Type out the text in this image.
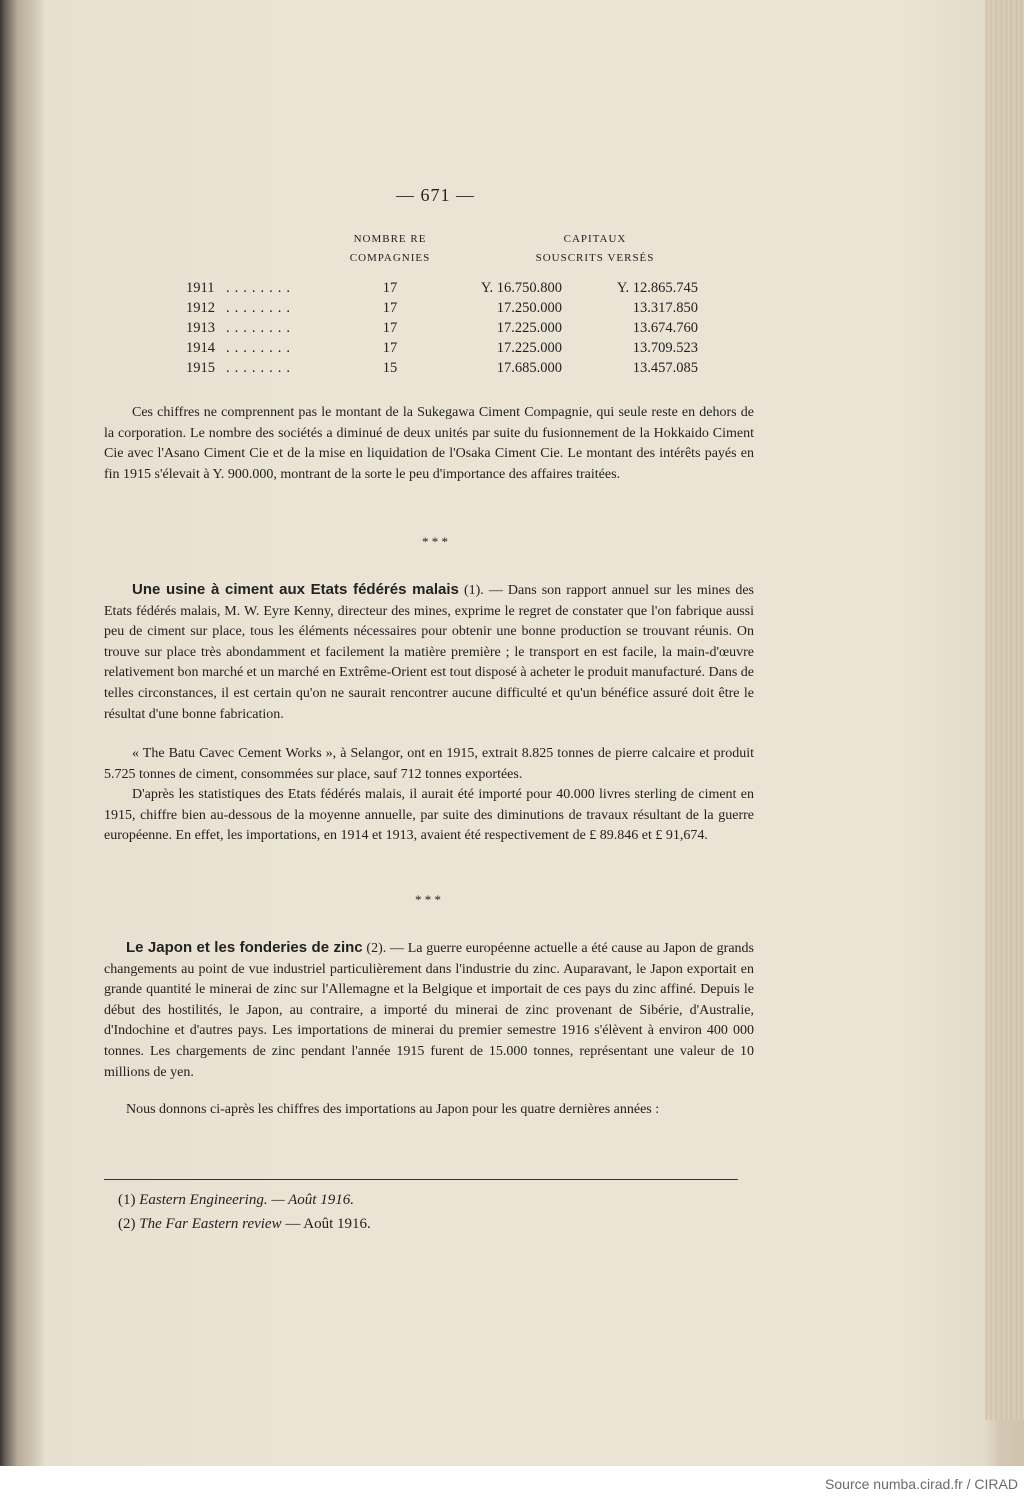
— 671 —
NOMBRE RE
COMPAGNIES
CAPITAUX
SOUSCRITS VERSÉS
1911 ........	17	Y. 16.750.800	Y. 12.865.745
1912 ........	17	17.250.000	13.317.850
1913 ........	17	17.225.000	13.674.760
1914 ........	17	17.225.000	13.709.523
1915 ........	15	17.685.000	13.457.085

Ces chiffres ne comprennent pas le montant de la Sukegawa Ciment Compagnie, qui seule reste en dehors de la corporation. Le nombre des sociétés a diminué de deux unités par suite du fusionnement de la Hokkaido Ciment Cie avec l'Asano Ciment Cie et de la mise en liquidation de l'Osaka Ciment Cie. Le montant des intérêts payés en fin 1915 s'élevait à Y. 900.000, montrant de la sorte le peu d'importance des affaires traitées.

* * *

Une usine à ciment aux Etats fédérés malais (1). — Dans son rapport annuel sur les mines des Etats fédérés malais, M. W. Eyre Kenny, directeur des mines, exprime le regret de constater que l'on fabrique aussi peu de ciment sur place, tous les éléments nécessaires pour obtenir une bonne production se trouvant réunis. On trouve sur place très abondamment et facilement la matière première ; le transport en est facile, la main-d'œuvre relativement bon marché et un marché en Extrême-Orient est tout disposé à acheter le produit manufacturé. Dans de telles circonstances, il est certain qu'on ne saurait rencontrer aucune difficulté et qu'un bénéfice assuré doit être le résultat d'une bonne fabrication.

« The Batu Cavec Cement Works », à Selangor, ont en 1915, extrait 8.825 tonnes de pierre calcaire et produit 5.725 tonnes de ciment, consommées sur place, sauf 712 tonnes exportées.

D'après les statistiques des Etats fédérés malais, il aurait été importé pour 40.000 livres sterling de ciment en 1915, chiffre bien au-dessous de la moyenne annuelle, par suite des diminutions de travaux résultant de la guerre européenne. En effet, les importations, en 1914 et 1913, avaient été respectivement de £ 89.846 et £ 91,674.

* * *

Le Japon et les fonderies de zinc (2). — La guerre européenne actuelle a été cause au Japon de grands changements au point de vue industriel particulièrement dans l'industrie du zinc. Auparavant, le Japon exportait en grande quantité le minerai de zinc sur l'Allemagne et la Belgique et importait de ces pays du zinc affiné. Depuis le début des hostilités, le Japon, au contraire, a importé du minerai de zinc provenant de Sibérie, d'Australie, d'Indochine et d'autres pays. Les importations de minerai du premier semestre 1916 s'élèvent à environ 400 000 tonnes. Les chargements de zinc pendant l'année 1915 furent de 15.000 tonnes, représentant une valeur de 10 millions de yen.

Nous donnons ci-après les chiffres des importations au Japon pour les quatre dernières années :

(1) Eastern Engineering. — Août 1916.
(2) The Far Eastern review — Août 1916.
Source numba.cirad.fr / CIRAD
